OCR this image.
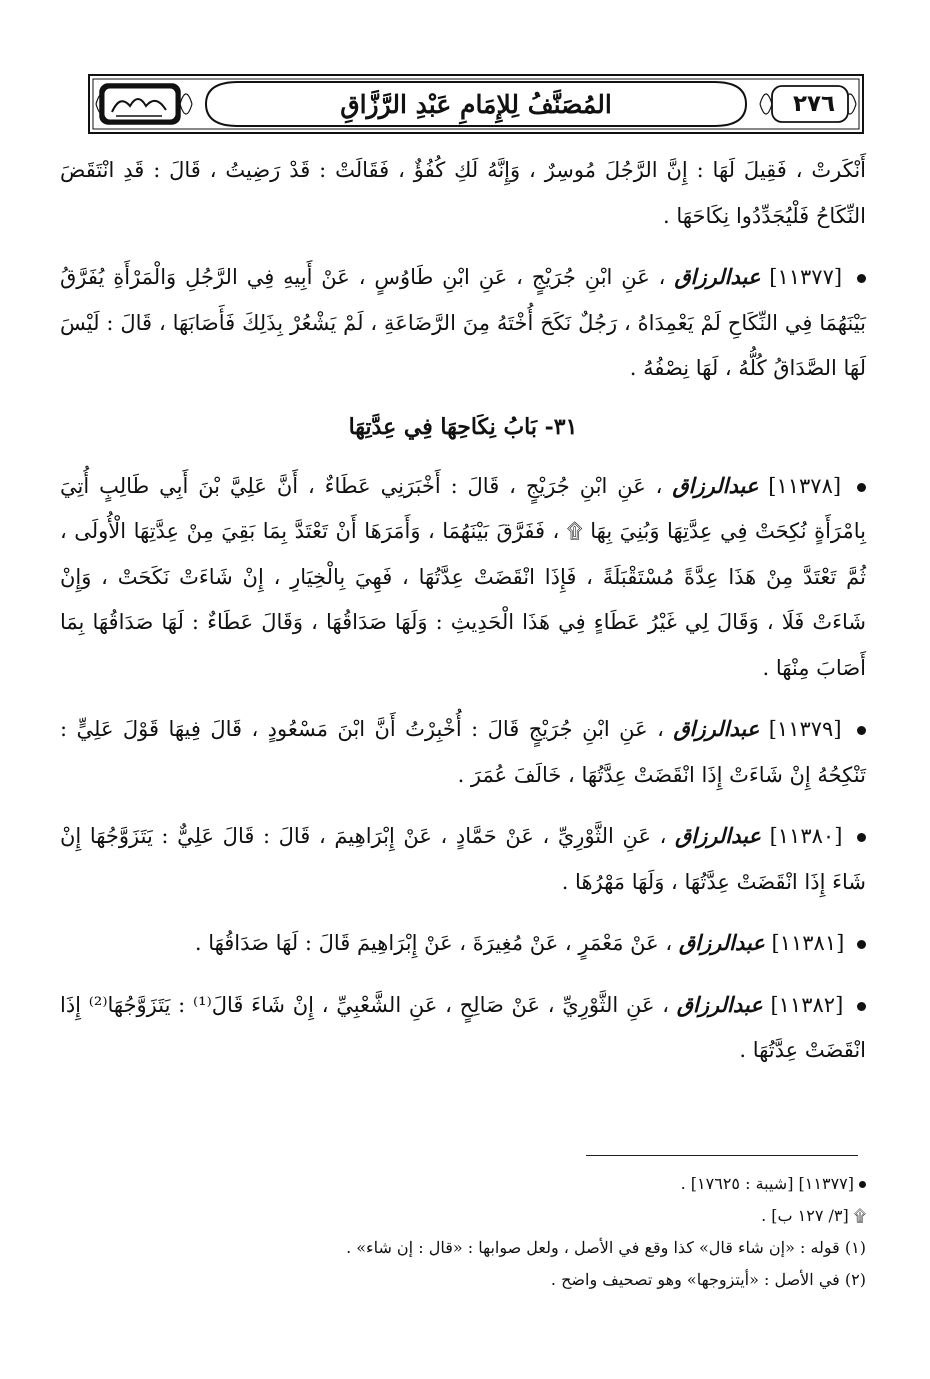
٢٧٦
المُصَنَّفُ لِلإِمَامِ عَبْدِ الرَّزَّاقِ

أَنْكَرتْ ، فَقِيلَ لَهَا : إِنَّ الرَّجُلَ مُوسِرٌ ، وَإِنَّهُ لَكِ كُفُؤٌ ، فَقَالَتْ : قَدْ رَضِيتُ ، قَالَ : قَدِ انْتَقَضَ النِّكَاحُ فَلْيُجَدِّدُوا نِكَاحَهَا .

[١١٣٧٧] عبدالرزاق ، عَنِ ابْنِ جُرَيْجٍ ، عَنِ ابْنِ طَاوُسٍ ، عَنْ أَبِيهِ فِي الرَّجُلِ وَالْمَرْأَةِ يُفَرَّقُ بَيْنَهُمَا فِي النِّكَاحِ لَمْ يَعْمِدَاهُ ، رَجُلٌ نَكَحَ أُخْتَهُ مِنَ الرَّضَاعَةِ ، لَمْ يَشْعُرْ بِذَلِكَ فَأَصَابَهَا ، قَالَ : لَيْسَ لَهَا الصَّدَاقُ كُلُّهُ ، لَهَا نِصْفُهُ .

٣١- بَابُ نِكَاحِهَا فِي عِدَّتِهَا

[١١٣٧٨] عبدالرزاق ، عَنِ ابْنِ جُرَيْجٍ ، قَالَ : أَخْبَرَنِي عَطَاءٌ ، أَنَّ عَلِيَّ بْنَ أَبِي طَالِبٍ أُتِيَ بِامْرَأَةٍ نُكِحَتْ فِي عِدَّتِهَا وَبُنِيَ بِهَا ۩ ، فَفَرَّقَ بَيْنَهُمَا ، وَأَمَرَهَا أَنْ تَعْتَدَّ بِمَا بَقِيَ مِنْ عِدَّتِهَا الْأُولَى ، ثُمَّ تَعْتَدَّ مِنْ هَذَا عِدَّةً مُسْتَقْبَلَةً ، فَإِذَا انْقَضَتْ عِدَّتُهَا ، فَهِيَ بِالْخِيَارِ ، إِنْ شَاءَتْ نَكَحَتْ ، وَإِنْ شَاءَتْ فَلَا ، وَقَالَ لِي غَيْرُ عَطَاءٍ فِي هَذَا الْحَدِيثِ : وَلَهَا صَدَاقُهَا ، وَقَالَ عَطَاءٌ : لَهَا صَدَاقُهَا بِمَا أَصَابَ مِنْهَا .

[١١٣٧٩] عبدالرزاق ، عَنِ ابْنِ جُرَيْجٍ قَالَ : أُخْبِرْتُ أَنَّ ابْنَ مَسْعُودٍ ، قَالَ فِيهَا قَوْلَ عَلِيٍّ : تَنْكِحُهُ إِنْ شَاءَتْ إِذَا انْقَضَتْ عِدَّتُهَا ، خَالَفَ عُمَرَ .

[١١٣٨٠] عبدالرزاق ، عَنِ الثَّوْرِيِّ ، عَنْ حَمَّادٍ ، عَنْ إِبْرَاهِيمَ ، قَالَ : قَالَ عَلِيٌّ : يَتَزَوَّجُهَا إِنْ شَاءَ إِذَا انْقَضَتْ عِدَّتُهَا ، وَلَهَا مَهْرُهَا .

[١١٣٨١] عبدالرزاق ، عَنْ مَعْمَرٍ ، عَنْ مُغِيرَةَ ، عَنْ إِبْرَاهِيمَ قَالَ : لَهَا صَدَاقُهَا .

[١١٣٨٢] عبدالرزاق ، عَنِ الثَّوْرِيِّ ، عَنْ صَالِحٍ ، عَنِ الشَّعْبِيِّ ، إِنْ شَاءَ قَالَ⁽¹⁾ : يَتَزَوَّجُهَا⁽²⁾ إِذَا انْقَضَتْ عِدَّتُهَا .

[١١٣٧٧] [شيبة : ١٧٦٢٥] .

۩ [٣/ ١٢٧ ب] .

(١) قوله : «إن شاء قال» كذا وقع في الأصل ، ولعل صوابها : «قال : إن شاء» .

(٢) في الأصل : «أيتزوجها» وهو تصحيف واضح .
